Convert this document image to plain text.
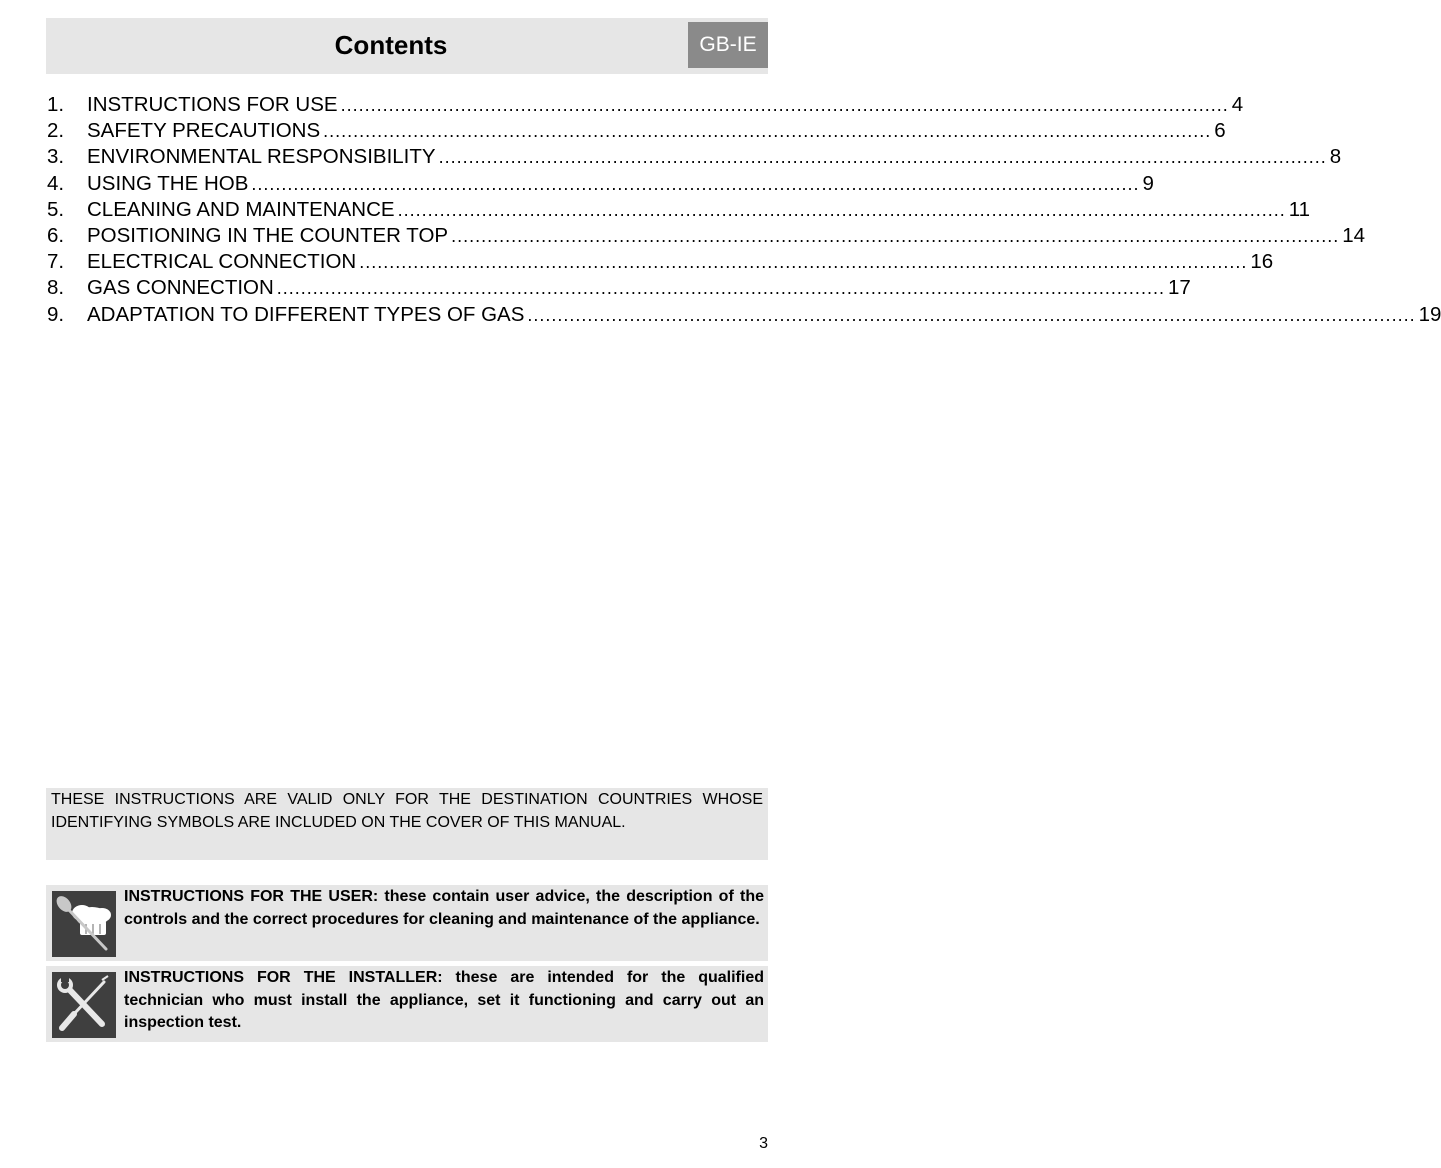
Contents	GB-IE
1.	INSTRUCTIONS FOR USE .................................................................................................................................................... 4
2.	SAFETY PRECAUTIONS .................................................................................................................................................... 6
3.	ENVIRONMENTAL RESPONSIBILITY .................................................................................................................................................... 8
4.	USING THE HOB .................................................................................................................................................... 9
5.	CLEANING AND MAINTENANCE .................................................................................................................................................... 11
6.	POSITIONING IN THE COUNTER TOP .................................................................................................................................................... 14
7.	ELECTRICAL CONNECTION .................................................................................................................................................... 16
8.	GAS CONNECTION .................................................................................................................................................... 17
9.	ADAPTATION TO DIFFERENT TYPES OF GAS .................................................................................................................................................... 19
THESE INSTRUCTIONS ARE VALID ONLY FOR THE DESTINATION COUNTRIES WHOSE IDENTIFYING SYMBOLS ARE INCLUDED ON THE COVER OF THIS MANUAL.
INSTRUCTIONS FOR THE USER: these contain user advice, the description of the controls and the correct procedures for cleaning and maintenance of the appliance.
INSTRUCTIONS FOR THE INSTALLER: these are intended for the qualified technician who must install the appliance, set it functioning and carry out an inspection test.
3
